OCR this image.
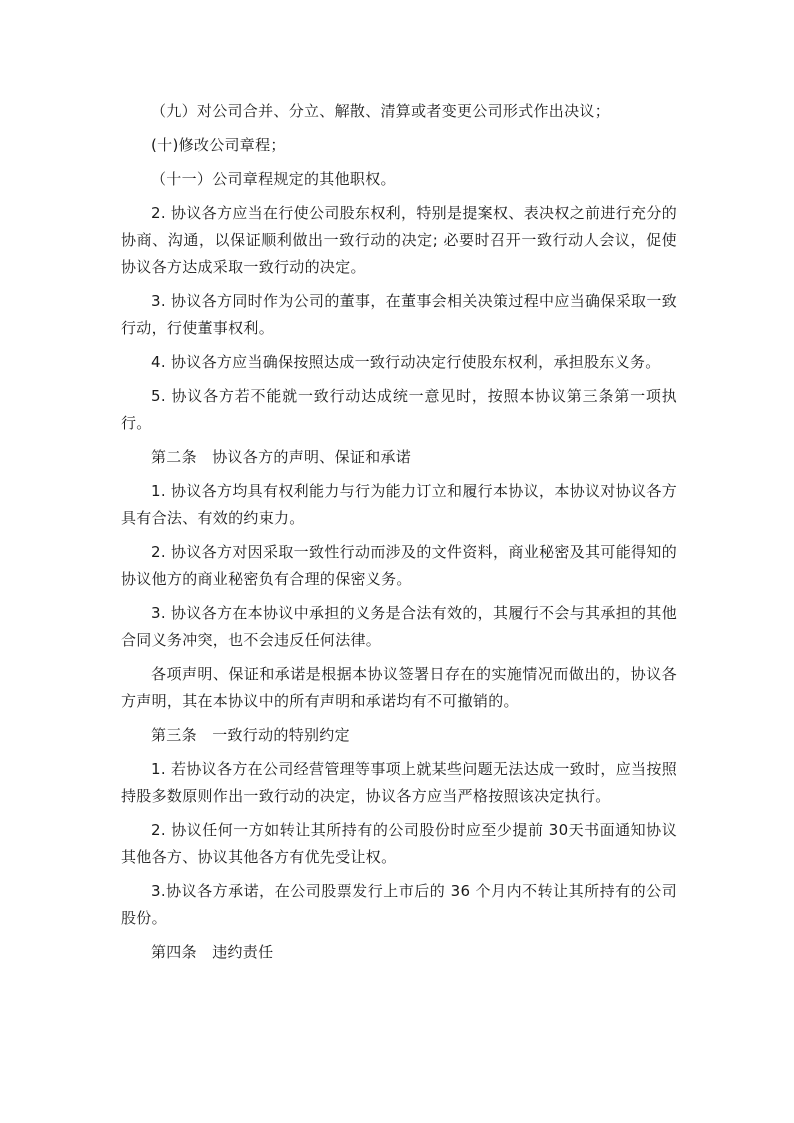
（九）对公司合并、分立、解散、清算或者变更公司形式作出决议；

(十)修改公司章程；

（十一）公司章程规定的其他职权。

2. 协议各方应当在行使公司股东权利，特别是提案权、表决权之前进行充分的协商、沟通，以保证顺利做出一致行动的决定; 必要时召开一致行动人会议，促使协议各方达成采取一致行动的决定。

3. 协议各方同时作为公司的董事，在董事会相关决策过程中应当确保采取一致行动，行使董事权利。

4. 协议各方应当确保按照达成一致行动决定行使股东权利，承担股东义务。

5. 协议各方若不能就一致行动达成统一意见时，按照本协议第三条第一项执行。

第二条　协议各方的声明、保证和承诺

1. 协议各方均具有权利能力与行为能力订立和履行本协议，本协议对协议各方具有合法、有效的约束力。

2. 协议各方对因采取一致性行动而涉及的文件资料，商业秘密及其可能得知的协议他方的商业秘密负有合理的保密义务。

3. 协议各方在本协议中承担的义务是合法有效的，其履行不会与其承担的其他合同义务冲突，也不会违反任何法律。

各项声明、保证和承诺是根据本协议签署日存在的实施情况而做出的，协议各方声明，其在本协议中的所有声明和承诺均有不可撤销的。

第三条　一致行动的特别约定

1. 若协议各方在公司经营管理等事项上就某些问题无法达成一致时，应当按照持股多数原则作出一致行动的决定，协议各方应当严格按照该决定执行。

2. 协议任何一方如转让其所持有的公司股份时应至少提前 30天书面通知协议其他各方、协议其他各方有优先受让权。

3.协议各方承诺，在公司股票发行上市后的 36 个月内不转让其所持有的公司股份。

第四条　违约责任
